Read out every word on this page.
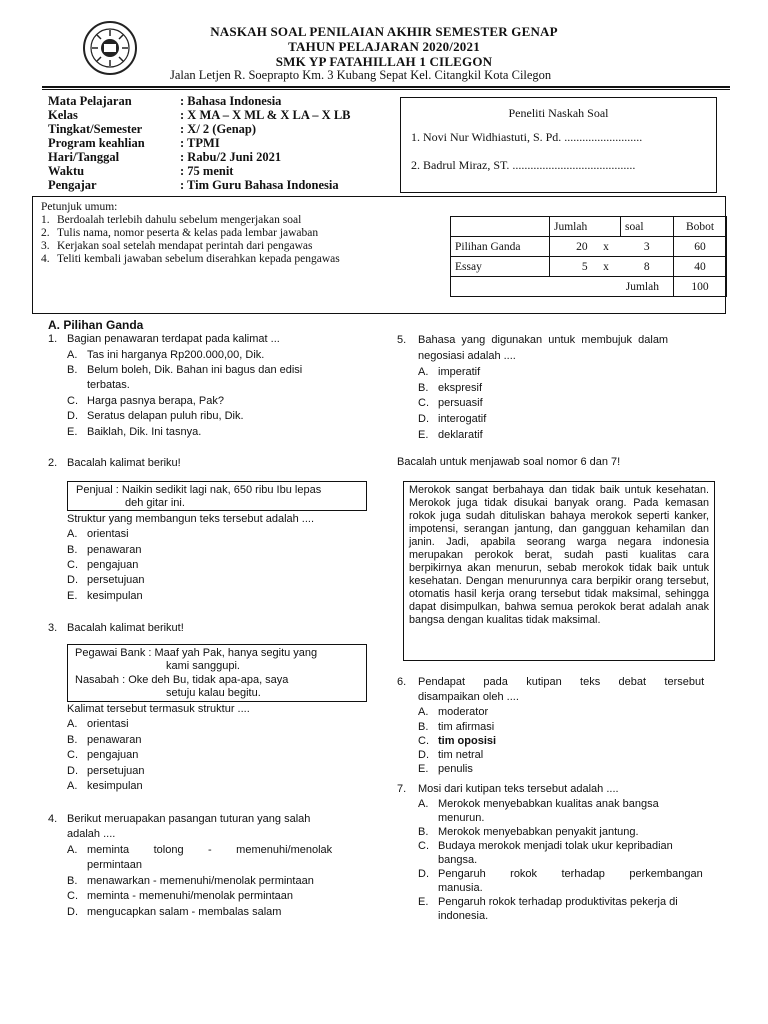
NASKAH SOAL PENILAIAN AKHIR SEMESTER GENAP
TAHUN PELAJARAN 2020/2021
SMK YP FATAHILLAH 1 CILEGON
Jalan Letjen R. Soeprapto Km. 3 Kubang Sepat Kel. Citangkil Kota Cilegon
Mata Pelajaran	: Bahasa Indonesia
Kelas	: X MA – X ML & X LA – X LB
Tingkat/Semester	: X/ 2 (Genap)
Program keahlian	: TPMI
Hari/Tanggal	: Rabu/2 Juni 2021
Waktu	: 75 menit
Pengajar	: Tim Guru Bahasa Indonesia
Peneliti Naskah Soal
1. Novi Nur Widhiastuti, S. Pd. ..........................
2. Badrul Miraz, ST. .........................................
Petunjuk umum:
1. Berdoalah terlebih dahulu sebelum mengerjakan soal
2. Tulis nama, nomor peserta & kelas pada lembar jawaban
3. Kerjakan soal setelah mendapat perintah dari pengawas
4. Teliti kembali jawaban sebelum diserahkan kepada pengawas
	Jumlah		soal	Bobot
Pilihan Ganda	20	x	3	60
Essay	5	x	8	40
Jumlah				100
A. Pilihan Ganda
1. Bagian penawaran terdapat pada kalimat ...
A. Tas ini harganya Rp200.000,00, Dik.
B. Belum boleh, Dik. Bahan ini bagus dan edisi
terbatas.
C. Harga pasnya berapa, Pak?
D. Seratus delapan puluh ribu, Dik.
E. Baiklah, Dik. Ini tasnya.
2. Bacalah kalimat beriku!
Penjual : Naikin sedikit lagi nak, 650 ribu Ibu lepas
deh gitar ini.
Struktur yang membangun teks tersebut adalah ....
A. orientasi
B. penawaran
C. pengajuan
D. persetujuan
E. kesimpulan
3. Bacalah kalimat berikut!
Pegawai Bank : Maaf yah Pak, hanya segitu yang
kami sanggupi.
Nasabah : Oke deh Bu, tidak apa-apa, saya
setuju kalau begitu.
Kalimat tersebut termasuk struktur ....
A. orientasi
B. penawaran
C. pengajuan
D. persetujuan
A. kesimpulan
4. Berikut meruapakan pasangan tuturan yang salah
adalah ....
A. meminta        tolong        -        memenuhi/menolak
permintaan
B. menawarkan - memenuhi/menolak permintaan
C. meminta - memenuhi/menolak permintaan
D. mengucapkan salam - membalas salam
5. Bahasa  yang  digunakan  untuk  membujuk  dalam
negosiasi adalah ....
A. imperatif
B. ekspresif
C. persuasif
D. interogatif
E. deklaratif
Bacalah untuk menjawab soal nomor 6 dan 7!
Merokok sangat berbahaya dan tidak baik untuk kesehatan. Merokok juga tidak disukai banyak orang. Pada kemasan rokok juga sudah dituliskan bahaya merokok seperti kanker, impotensi, serangan jantung, dan gangguan kehamilan dan janin. Jadi, apabila seorang warga negara indonesia merupakan perokok berat, sudah pasti kualitas cara berpikirnya akan menurun, sebab merokok tidak baik untuk kesehatan. Dengan menurunnya cara berpikir orang tersebut, otomatis hasil kerja orang tersebut tidak maksimal, sehingga dapat disimpulkan, bahwa semua perokok berat adalah anak bangsa dengan kualitas tidak maksimal.
6. Pendapat      pada      kutipan      teks      debat      tersebut
disampaikan oleh ....
A. moderator
B. tim afirmasi
C. tim oposisi
D. tim netral
E. penulis
7. Mosi dari kutipan teks tersebut adalah ....
A. Merokok menyebabkan kualitas anak bangsa
menurun.
B. Merokok menyebabkan penyakit jantung.
C. Budaya merokok menjadi tolak ukur kepribadian
bangsa.
D. Pengaruh        rokok        terhadap        perkembangan
manusia.
E. Pengaruh rokok terhadap produktivitas pekerja di
indonesia.
